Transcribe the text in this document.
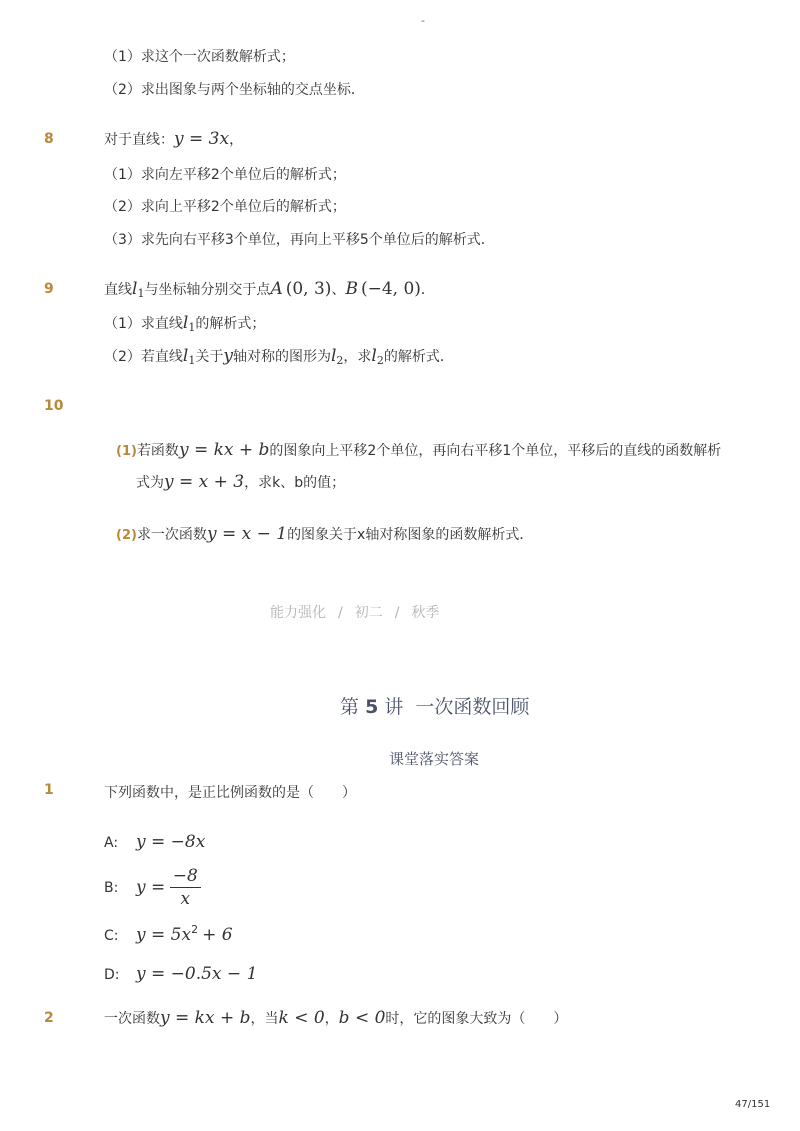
-
（1）求这个一次函数解析式；
（2）求出图象与两个坐标轴的交点坐标．
8	对于直线：y = 3x，
（1）求向左平移2个单位后的解析式；
（2）求向上平移2个单位后的解析式；
（3）求先向右平移3个单位，再向上平移5个单位后的解析式．
9	直线$l_1$与坐标轴分别交于点A (0, 3)、B (−4, 0)．
（1）求直线$l_1$的解析式；
（2）若直线$l_1$关于y轴对称的图形为$l_2$，求$l_2$的解析式．
10
(1)若函数y = kx + b的图象向上平移2个单位，再向右平移1个单位，平移后的直线的函数解析
式为y = x + 3，求k、b的值；
(2)求一次函数y = x − 1的图象关于x轴对称图象的函数解析式．
能力强化 / 初二 / 秋季
第 5 讲 一次函数回顾
课堂落实答案
1	下列函数中，是正比例函数的是（　　）
A: y = −8x
B: $y = \frac{-8}{x}$
C: $y = 5x^2 + 6$
D: y = −0.5x − 1
2	一次函数y = kx + b，当k < 0，b < 0时，它的图象大致为（　　）
47/151
